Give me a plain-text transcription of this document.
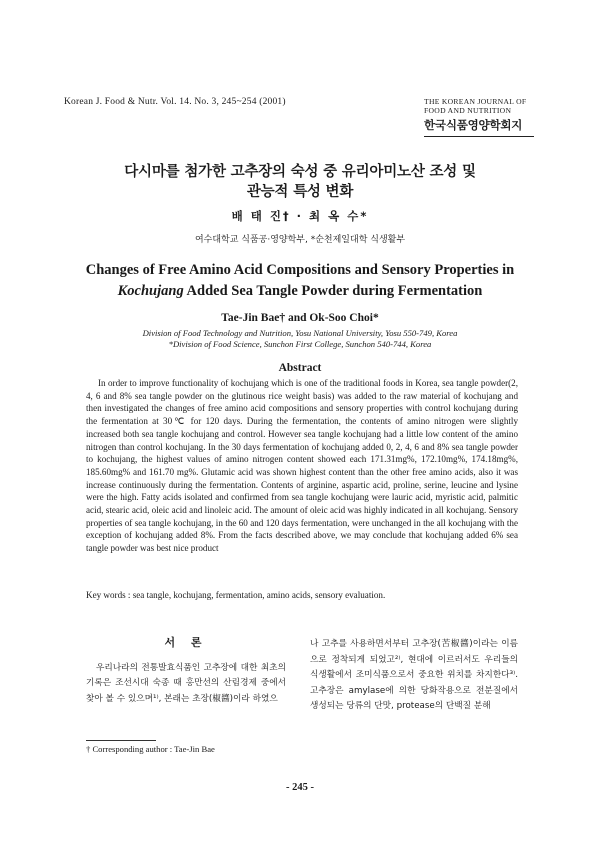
Korean J. Food & Nutr. Vol. 14. No. 3, 245~254 (2001)	THE KOREAN JOURNAL OF
FOOD AND NUTRITION
한국식품영양학회지
다시마를 첨가한 고추장의 숙성 중 유리아미노산 조성 및
관능적 특성 변화
배 태 진† · 최 옥 수*
여수대학교 식품공·영양학부, *순천제일대학 식생활부
Changes of Free Amino Acid Compositions and Sensory Properties in
Kochujang Added Sea Tangle Powder during Fermentation
Tae-Jin Bae† and Ok-Soo Choi*
Division of Food Technology and Nutrition, Yosu National University, Yosu 550-749, Korea
*Division of Food Science, Sunchon First College, Sunchon 540-744, Korea
Abstract
In order to improve functionality of kochujang which is one of the traditional foods in Korea, sea tangle powder(2, 4, 6 and 8% sea tangle powder on the glutinous rice weight basis) was added to the raw material of kochujang and then investigated the changes of free amino acid compositions and sensory properties with control kochujang during the fermentation at 30℃ for 120 days. During the fermentation, the contents of amino nitrogen were slightly increased both sea tangle kochujang and control. However sea tangle kochujang had a little low content of the amino nitrogen than control kochujang. In the 30 days fermentation of kochujang added 0, 2, 4, 6 and 8% sea tangle powder to kochujang, the highest values of amino nitrogen content showed each 171.31mg%, 172.10mg%, 174.18mg%, 185.60mg% and 161.70 mg%. Glutamic acid was shown highest content than the other free amino acids, also it was increase continuously during the fermentation. Contents of arginine, aspartic acid, proline, serine, leucine and lysine were the high. Fatty acids isolated and confirmed from sea tangle kochujang were lauric acid, myristic acid, palmitic acid, stearic acid, oleic acid and linoleic acid. The amount of oleic acid was highly indicated in all kochujang. Sensory properties of sea tangle kochujang, in the 60 and 120 days fermentation, were unchanged in the all kochujang with the exception of kochujang added 8%. From the facts described above, we may conclude that kochujang added 6% sea tangle powder was best nice product
Key words : sea tangle, kochujang, fermentation, amino acids, sensory evaluation.
서 론
우리나라의 전통발효식품인 고추장에 대한 최초의 기록은 조선시대 숙종 때 홍만선의 산림경제 중에서 찾아 볼 수 있으며¹⁾, 본래는 초장(椒醬)이라 하였으
나 고추를 사용하면서부터 고추장(苦椒醬)이라는 이름으로 정착되게 되었고²⁾, 현대에 이르러서도 우리들의 식생활에서 조미식품으로서 중요한 위치를 차지한다³⁾. 고추장은 amylase에 의한 당화작용으로 전분질에서 생성되는 당류의 단맛, protease의 단백질 분해
† Corresponding author : Tae-Jin Bae
- 245 -
